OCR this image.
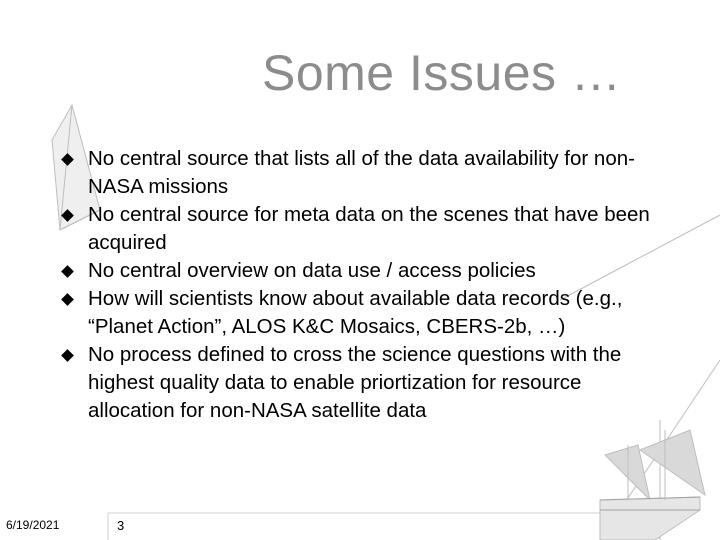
Some Issues …
No central source that lists all of the data availability for non-NASA missions
No central source for meta data on the scenes that have been acquired
No central overview on data use / access policies
How will scientists know about available data records (e.g., “Planet Action”, ALOS K&C Mosaics, CBERS-2b, …)
No process defined to cross the science questions with the highest quality data to enable priortization for resource allocation for non-NASA satellite data
6/19/2021	3
